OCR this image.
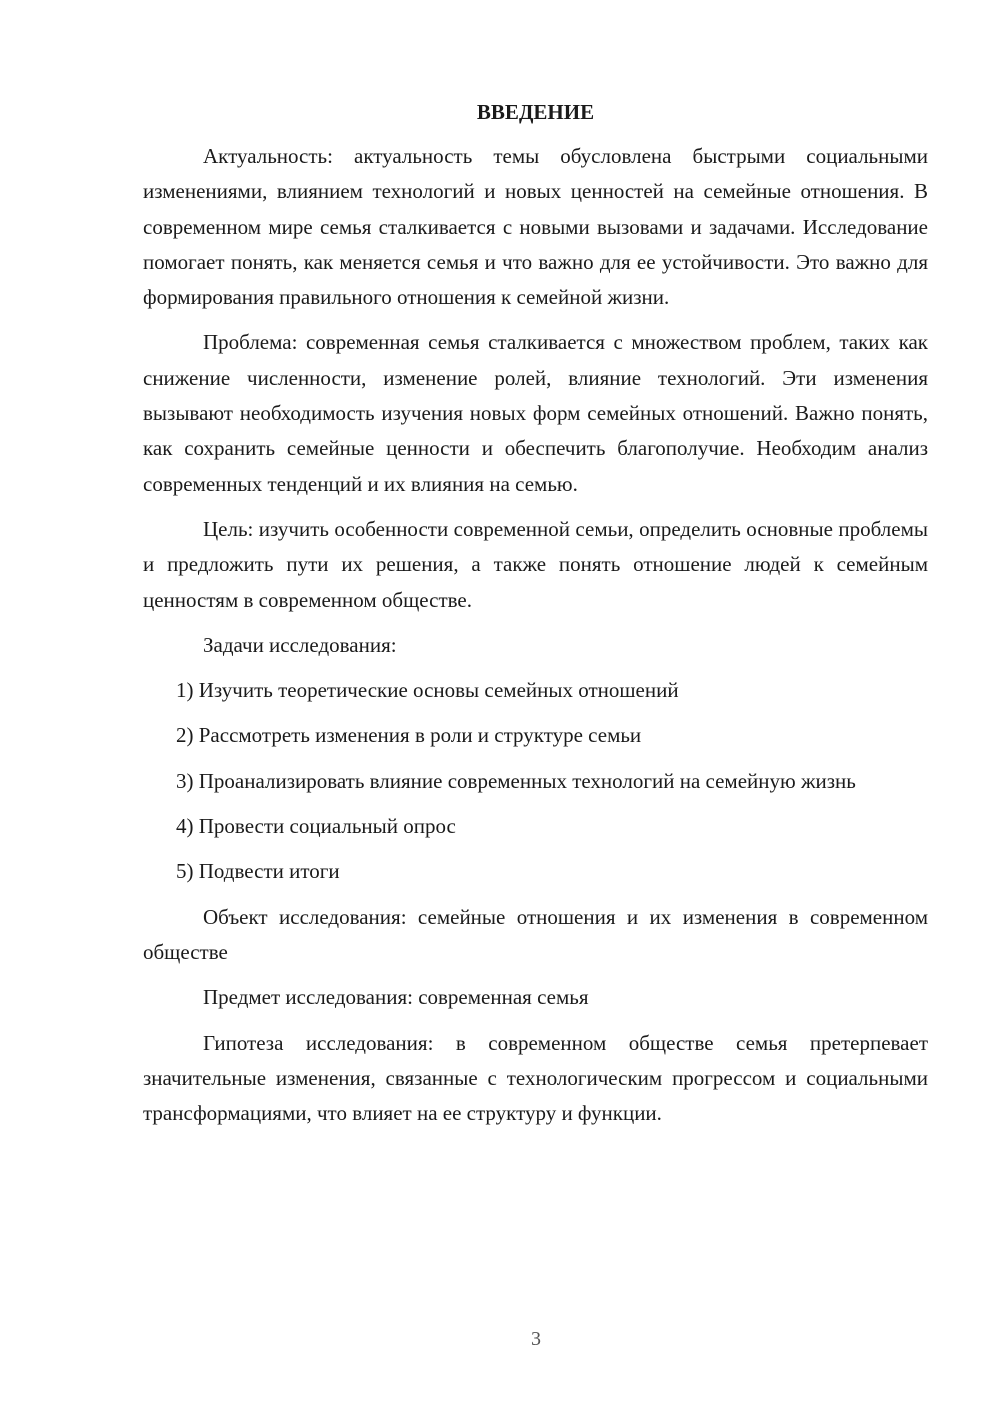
ВВЕДЕНИЕ
Актуальность: актуальность темы обусловлена быстрыми социальными изменениями, влиянием технологий и новых ценностей на семейные отношения. В современном мире семья сталкивается с новыми вызовами и задачами. Исследование помогает понять, как меняется семья и что важно для ее устойчивости. Это важно для формирования правильного отношения к семейной жизни.
Проблема: современная семья сталкивается с множеством проблем, таких как снижение численности, изменение ролей, влияние технологий. Эти изменения вызывают необходимость изучения новых форм семейных отношений. Важно понять, как сохранить семейные ценности и обеспечить благополучие. Необходим анализ современных тенденций и их влияния на семью.
Цель: изучить особенности современной семьи, определить основные проблемы и предложить пути их решения, а также понять отношение людей к семейным ценностям в современном обществе.
Задачи исследования:
1) Изучить теоретические основы семейных отношений
2) Рассмотреть изменения в роли и структуре семьи
3) Проанализировать влияние современных технологий на семейную жизнь
4) Провести социальный опрос
5) Подвести итоги
Объект исследования: семейные отношения и их изменения в современном обществе
Предмет исследования: современная семья
Гипотеза исследования: в современном обществе семья претерпевает значительные изменения, связанные с технологическим прогрессом и социальными трансформациями, что влияет на ее структуру и функции.
3
